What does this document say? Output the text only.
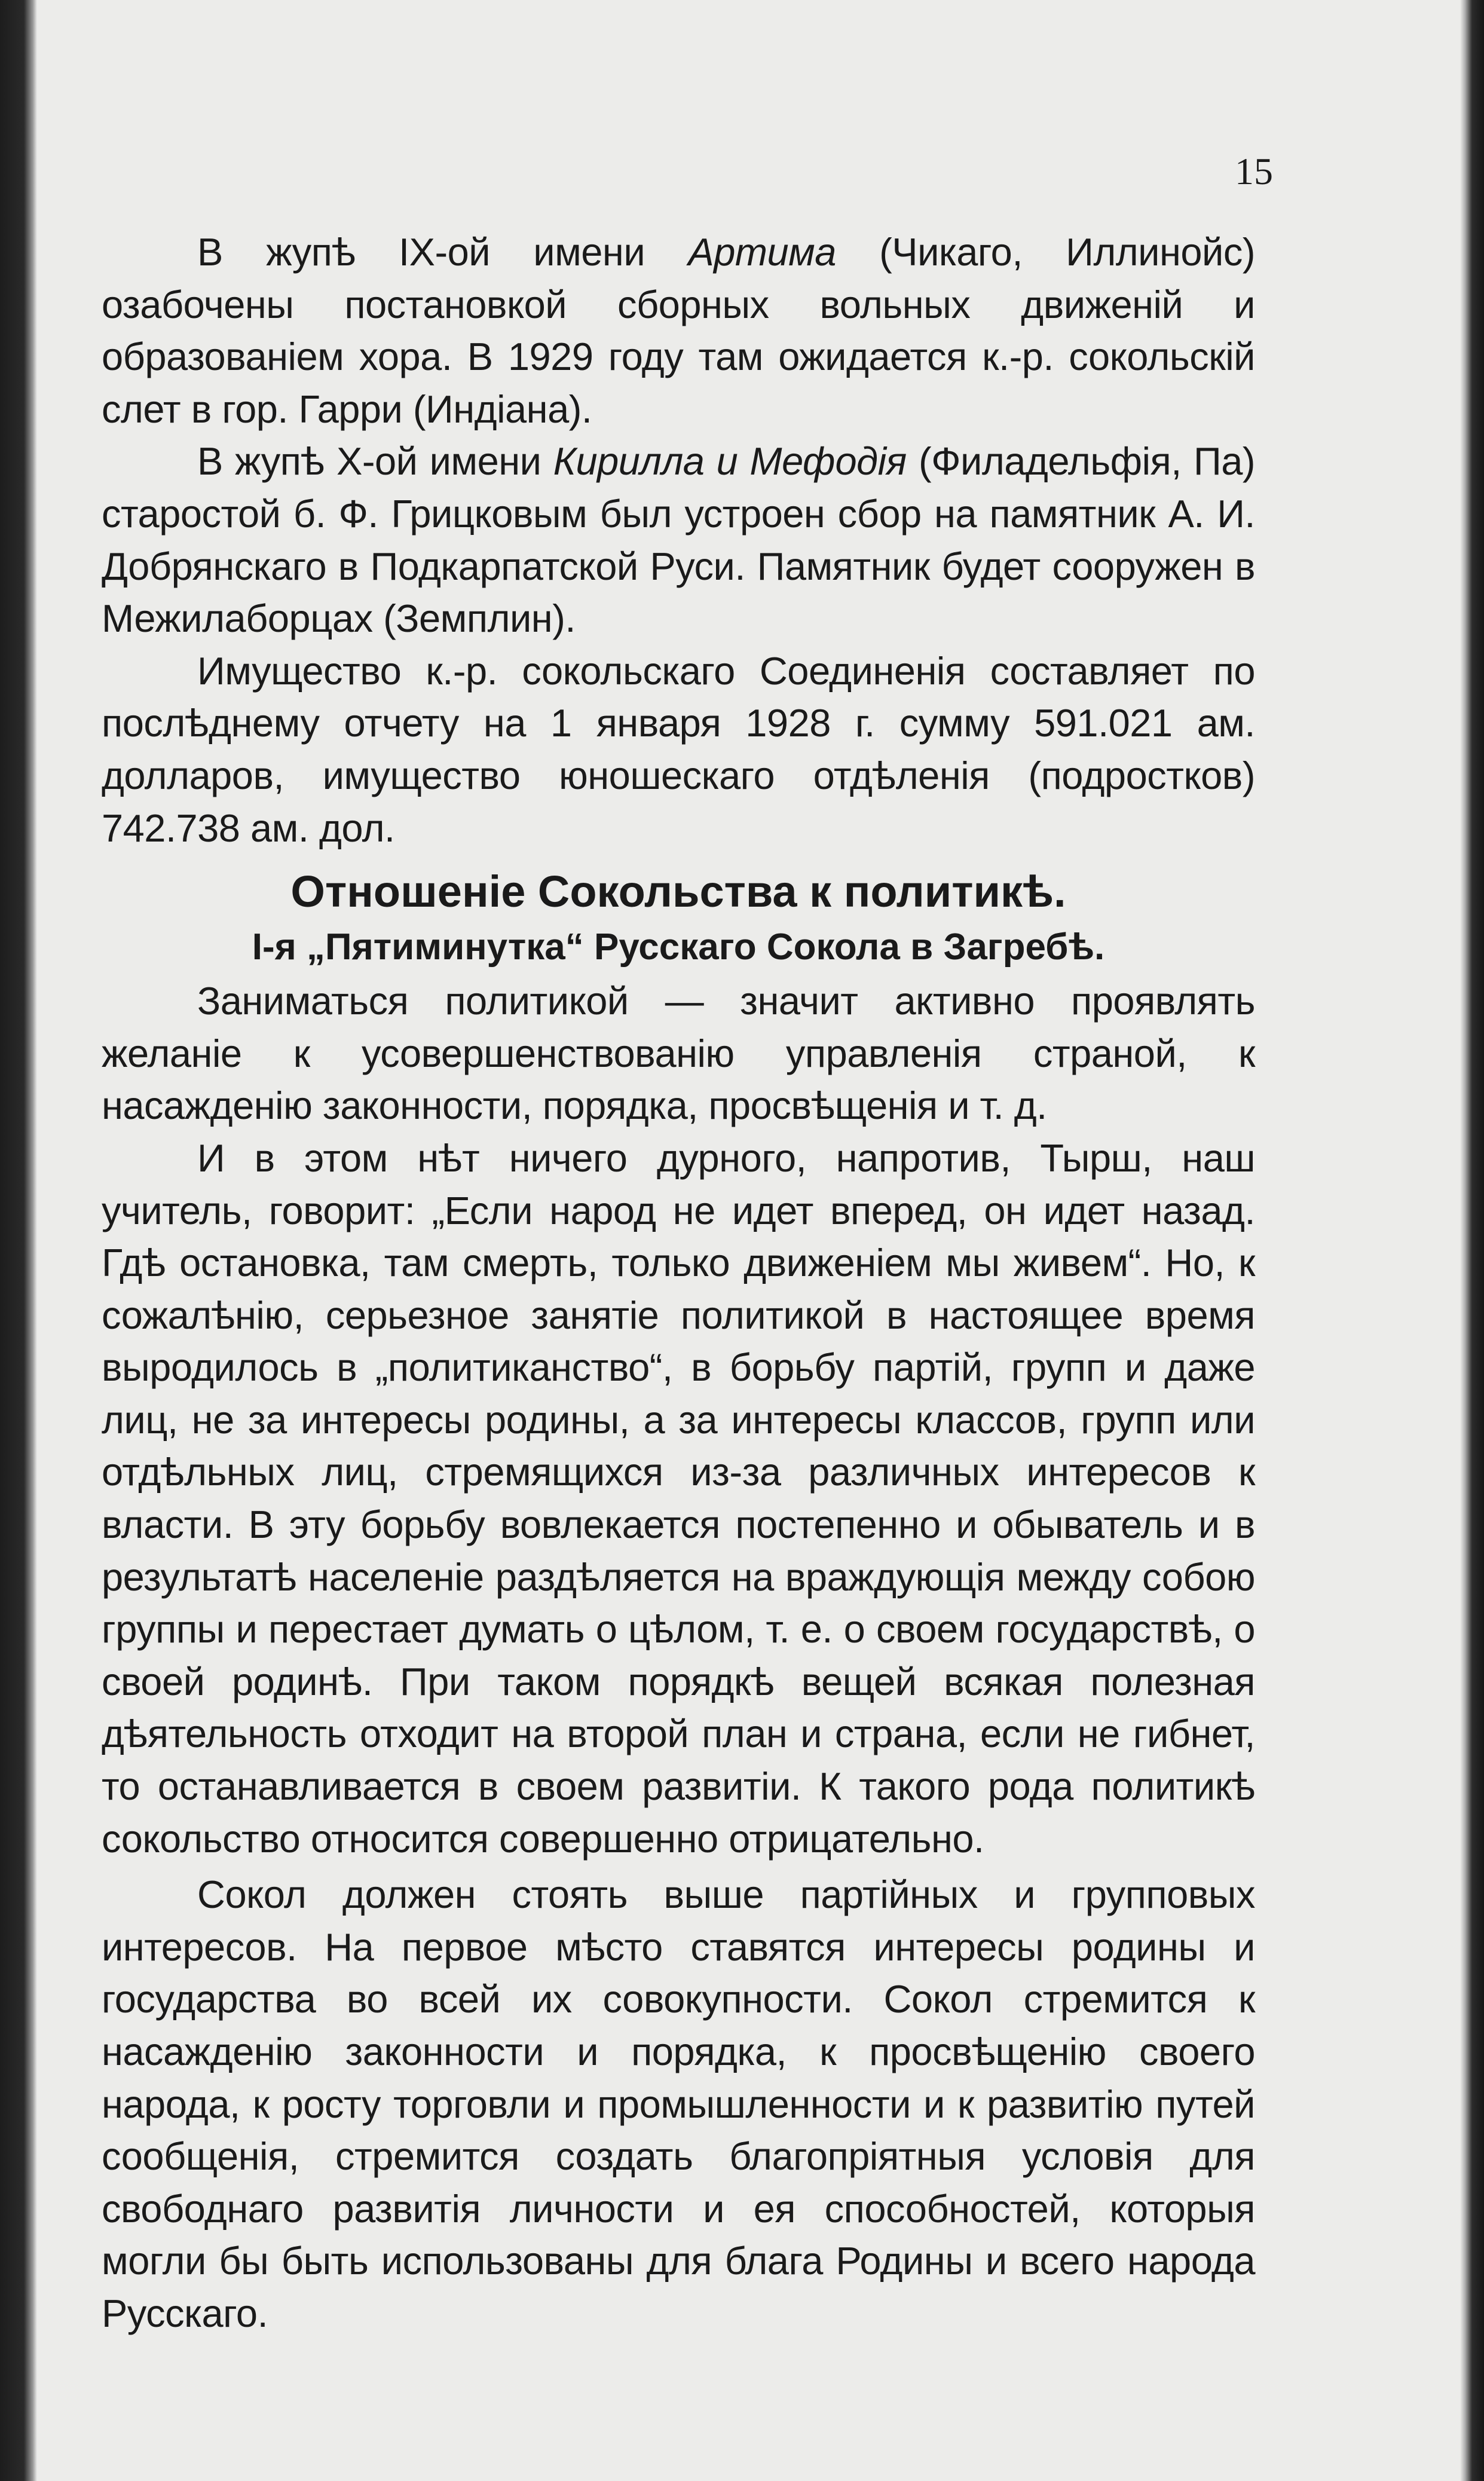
15

В жупѣ IX-ой имени Артима (Чикаго, Иллинойс) озабочены постановкой сборных вольных движеній и образованіем хора. В 1929 году там ожидается к.-р. сокольскій слет в гор. Гарри (Индіана).

В жупѣ X-ой имени Кирилла и Мефодія (Филадельфія, Па) старостой б. Ф. Грицковым был устроен сбор на памятник А. И. Добрянскаго в Подкарпатской Руси. Памятник будет сооружен в Межилаборцах (Земплин).

Имущество к.-р. сокольскаго Соединенія составляет по послѣднему отчету на 1 января 1928 г. сумму 591.021 ам. долларов, имущество юношескаго отдѣленія (подростков) 742.738 ам. дол.

Отношеніе Сокольства к политикѣ.
I-я „Пятиминутка“ Русскаго Сокола в Загребѣ.

Заниматься политикой — значит активно проявлять желаніе к усовершенствованію управленія страной, к насажденію законности, порядка, просвѣщенія и т. д.

И в этом нѣт ничего дурного, напротив, Тырш, наш учитель, говорит: „Если народ не идет вперед, он идет назад. Гдѣ остановка, там смерть, только движеніем мы живем“. Но, к сожалѣнію, серьезное занятіе политикой в настоящее время выродилось в „политиканство“, в борьбу партій, групп и даже лиц, не за интересы родины, а за интересы классов, групп или отдѣльных лиц, стремящихся из-за различных интересов к власти. В эту борьбу вовлекается постепенно и обыватель и в результатѣ населеніе раздѣляется на враждующія между собою группы и перестает думать о цѣлом, т. е. о своем государствѣ, о своей родинѣ. При таком порядкѣ вещей всякая полезная дѣятельность отходит на второй план и страна, если не гибнет, то останавливается в своем развитіи. К такого рода политикѣ сокольство относится совершенно отрицательно.

Сокол должен стоять выше партійных и групповых интересов. На первое мѣсто ставятся интересы родины и государства во всей их совокупности. Сокол стремится к насажденію законности и порядка, к просвѣщенію своего народа, к росту торговли и промышленности и к развитію путей сообщенія, стремится создать благопріятныя условія для свободнаго развитія личности и ея способностей, которыя могли бы быть использованы для блага Родины и всего народа Русскаго.
